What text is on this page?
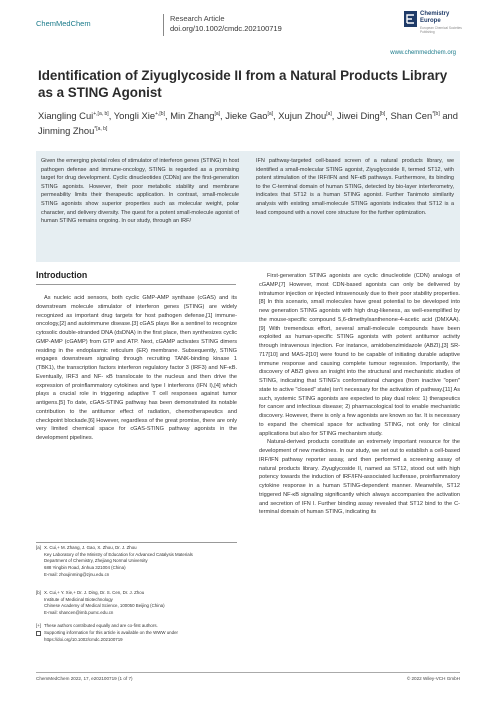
ChemMedChem
Research Article
doi.org/10.1002/cmdc.202100719
Chemistry
Europe
European Chemical Societies Publishing
www.chemmedchem.org
Identification of Ziyuglycoside II from a Natural Products Library as a STING Agonist
Xiangling Cui$^{+,[a, b]}$, Yongli Xie$^{+,[b]}$, Min Zhang[a], Jieke Gao[a], Xujun Zhou[a], Jiwei Ding[b], Shan Cen$^{*[b]}$ and Jinming Zhou$^{*[a, b]}$

Given the emerging pivotal roles of stimulator of interferon genes (STING) in host pathogen defense and immune-oncology, STING is regarded as a promising target for drug development. Cyclic dinucleotides (CDNs) are the first-generation STING agonists. However, their poor metabolic stability and membrane permeability limits their therapeutic application. In contrast, small-molecule STING agonists show superior properties such as molecular weight, polar character, and delivery diversity. The quest for a potent small-molecule agonist of human STING remains ongoing. In our study, through an IRF/

IFN pathway-targeted cell-based screen of a natural products library, we identified a small-molecular STING agonist, Ziyuglycoside II, termed ST12, with potent stimulation of the IRF/IFN and NF-κB pathways. Furthermore, its binding to the C-terminal domain of human STING, detected by bio-layer interferometry, indicates that ST12 is a human STING agonist. Further Tanimoto similarity analysis with existing small-molecule STING agonists indicates that ST12 is a lead compound with a novel core structure for the further optimization.

Introduction

As nucleic acid sensors, both cyclic GMP-AMP synthase (cGAS) and its downstream molecule stimulator of interferon genes (STING) are widely recognized as important drug targets for host pathogen defense,[1] immune-oncology,[2] and autoimmune disease.[3] cGAS plays like a sentinel to recognize cytosolic double-stranded DNA (dsDNA) in the first place, then synthesizes cyclic GMP-AMP (cGAMP) from GTP and ATP. Next, cGAMP activates STING dimers residing in the endoplasmic reticulum (ER) membrane. Subsequently, STING engages downstream signaling through recruiting TANK-binding kinase 1 (TBK1), the transcription factors interferon regulatory factor 3 (IRF3) and NF-κB. Eventually, IRF3 and NF- κB translocate to the nucleus and then drive the expression of proinflammatory cytokines and type I interferons (IFN I),[4] which plays a crucial role in triggering adaptive T cell responses against tumor antigens.[5] To date, cGAS-STING pathway has been demonstrated its notable contribution to the antitumor effect of radiation, chemotherapeutics and checkpoint blockade.[6] However, regardless of the great promise, there are only very limited chemical space for cGAS-STING pathway agonists in the development pipelines.

First-generation STING agonists are cyclic dinucleotide (CDN) analogs of cGAMP.[7] However, most CDN-based agonists can only be delivered by intratumor injection or injected intravenously due to their poor stability properties.[8] In this scenario, small molecules have great potential to be developed into new generation STING agonists with high drug-likeness, as well-exemplified by the mouse-specific compound 5,6-dimethylxanthenone-4-acetic acid (DMXAA).[9] With tremendous effort, several small-molecule compounds have been exploited as human-specific STING agonists with potent antitumor activity through intravenous injection. For instance, amidobenzimidazole (ABZI),[3] SR-717[10] and MAS-2[10] were found to be capable of initiating durable adaptive immune response and causing complete tumour regression. Importantly, the discovery of ABZI gives an insight into the structural and mechanistic studies of STING, indicating that STING's conformational changes (from inactive "open" state to active "closed" state) isn't necessary for the activation of pathway.[11] As such, systemic STING agonists are expected to play dual roles: 1) therapeutics for cancer and infectious disease; 2) pharmacological tool to enable mechanistic discovery. However, there is only a few agonists are known so far. It is necessary to expand the chemical space for activating STING, not only for clinical applications but also for STING mechanism study.

Natural-derived products constitute an extremely important resource for the development of new medicines. In our study, we set out to establish a cell-based IRF/IFN pathway reporter assay, and then performed a screening assay of natural products library. Ziyuglycoside II, named as ST12, stood out with high potency towards the induction of IRF/IFN-associated luciferase, proinflammatory cytokine response in a human STING-dependent manner. Meanwhile, ST12 triggered NF-κB signaling significantly which always accompanies the activation and secretion of IFN I. Further binding assay revealed that ST12 bind to the C-terminal domain of human STING, indicating its

[a] X. Cui,+ M. Zhang, J. Gao, X. Zhou, Dr. J. Zhou
Key Laboratory of the Ministry of Education for Advanced Catalysis Materials
Department of Chemistry, Zhejiang Normal University
688 Yingbin Road, Jinhua 321004 (China)
E-mail: zhoujinming@zjnu.edu.cn
[b] X. Cui,+ Y. Xie,+ Dr. J. Ding, Dr. S. Cen, Dr. J. Zhou
Institute of Medicinal Biotechnology
Chinese Academy of Medical Science, 100050 Beijing (China)
E-mail: shancen@imb.pumc.edu.cn
[+] These authors contributed equally and are co-first authors.
Supporting information for this article is available on the WWW under https://doi.org/10.1002/cmdc.202100719
ChemMedChem 2022, 17, e202100719 (1 of 7)	© 2022 Wiley-VCH GmbH
